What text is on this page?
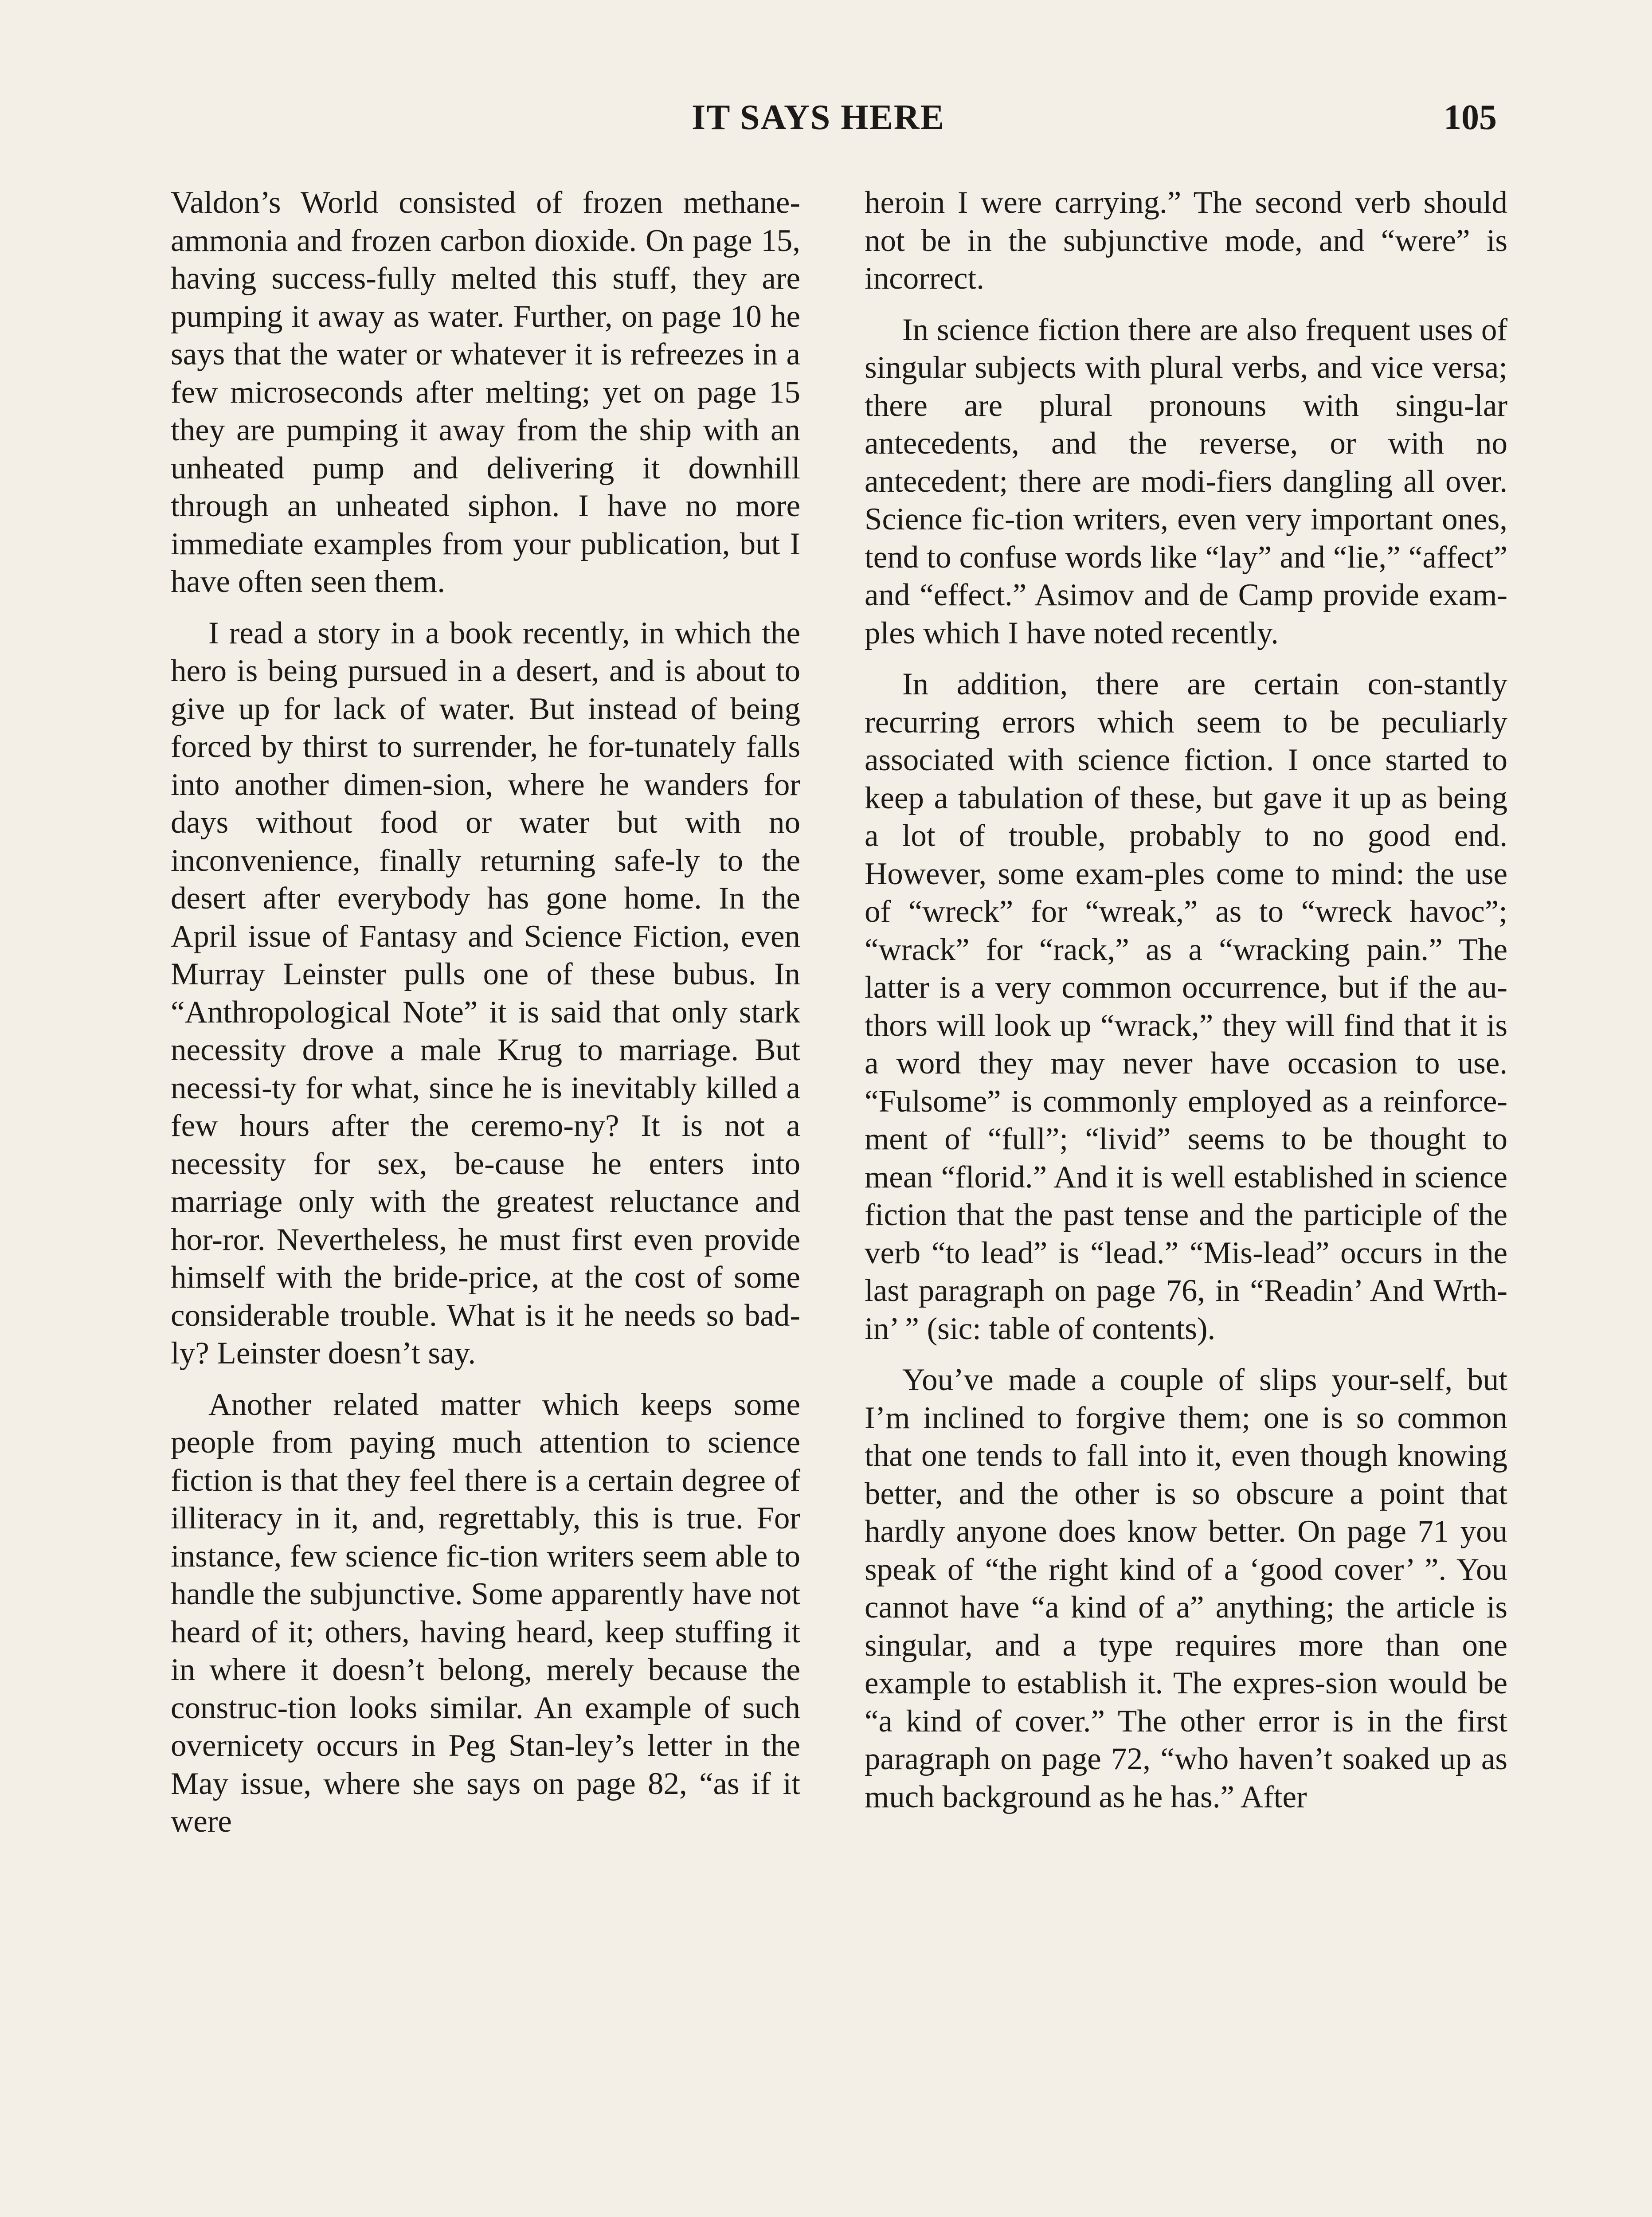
IT SAYS HERE	105

Valdon’s World consisted of frozen methane-ammonia and frozen carbon dioxide. On page 15, having success-fully melted this stuff, they are pumping it away as water. Further, on page 10 he says that the water or whatever it is refreezes in a few microseconds after melting; yet on page 15 they are pumping it away from the ship with an unheated pump and delivering it downhill through an unheated siphon. I have no more immediate examples from your publication, but I have often seen them.

I read a story in a book recently, in which the hero is being pursued in a desert, and is about to give up for lack of water. But instead of being forced by thirst to surrender, he for-tunately falls into another dimen-sion, where he wanders for days without food or water but with no inconvenience, finally returning safe-ly to the desert after everybody has gone home. In the April issue of Fantasy and Science Fiction, even Murray Leinster pulls one of these bubus. In “Anthropological Note” it is said that only stark necessity drove a male Krug to marriage. But necessi-ty for what, since he is inevitably killed a few hours after the ceremo-ny? It is not a necessity for sex, be-cause he enters into marriage only with the greatest reluctance and hor-ror. Nevertheless, he must first even provide himself with the bride-price, at the cost of some considerable trouble. What is it he needs so bad-ly? Leinster doesn’t say.

Another related matter which keeps some people from paying much attention to science fiction is that they feel there is a certain degree of illiteracy in it, and, regrettably, this is true. For instance, few science fic-tion writers seem able to handle the subjunctive. Some apparently have not heard of it; others, having heard, keep stuffing it in where it doesn’t belong, merely because the construc-tion looks similar. An example of such overnicety occurs in Peg Stan-ley’s letter in the May issue, where she says on page 82, “as if it were

heroin I were carrying.” The second verb should not be in the subjunctive mode, and “were” is incorrect.

In science fiction there are also frequent uses of singular subjects with plural verbs, and vice versa; there are plural pronouns with singu-lar antecedents, and the reverse, or with no antecedent; there are modi-fiers dangling all over. Science fic-tion writers, even very important ones, tend to confuse words like “lay” and “lie,” “affect” and “effect.” Asimov and de Camp provide exam-ples which I have noted recently.

In addition, there are certain con-stantly recurring errors which seem to be peculiarly associated with science fiction. I once started to keep a tabulation of these, but gave it up as being a lot of trouble, probably to no good end. However, some exam-ples come to mind: the use of “wreck” for “wreak,” as to “wreck havoc”; “wrack” for “rack,” as a “wracking pain.” The latter is a very common occurrence, but if the au-thors will look up “wrack,” they will find that it is a word they may never have occasion to use. “Fulsome” is commonly employed as a reinforce-ment of “full”; “livid” seems to be thought to mean “florid.” And it is well established in science fiction that the past tense and the participle of the verb “to lead” is “lead.” “Mis-lead” occurs in the last paragraph on page 76, in “Readin’ And Wrth-in’ ” (sic: table of contents).

You’ve made a couple of slips your-self, but I’m inclined to forgive them; one is so common that one tends to fall into it, even though knowing better, and the other is so obscure a point that hardly anyone does know better. On page 71 you speak of “the right kind of a ‘good cover’ ”. You cannot have “a kind of a” anything; the article is singular, and a type requires more than one example to establish it. The expres-sion would be “a kind of cover.” The other error is in the first paragraph on page 72, “who haven’t soaked up as much background as he has.” After
